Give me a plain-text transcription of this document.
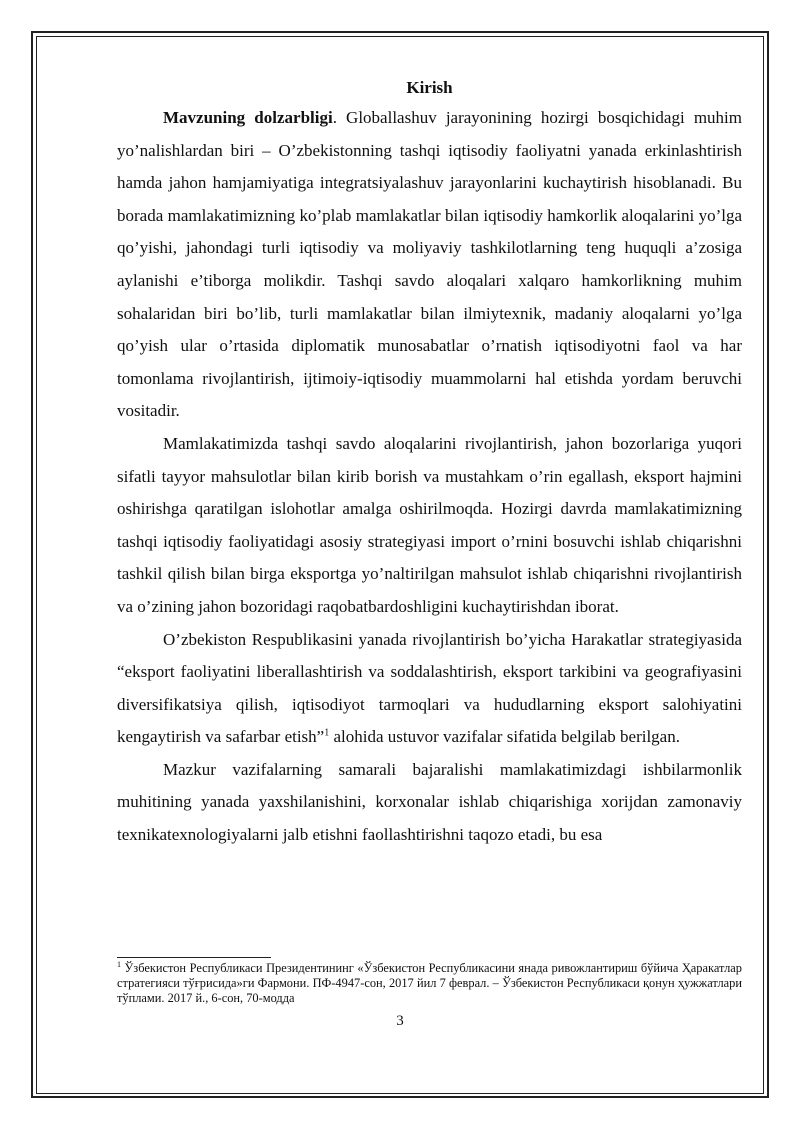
Kirish

Mavzuning dolzarbligi. Globallashuv jarayonining hozirgi bosqichidagi muhim yo’nalishlardan biri – O’zbekistonning tashqi iqtisodiy faoliyatni yanada erkinlashtirish hamda jahon hamjamiyatiga integratsiyalashuv jarayonlarini kuchaytirish hisoblanadi. Bu borada mamlakatimizning ko’plab mamlakatlar bilan iqtisodiy hamkorlik aloqalarini yo’lga qo’yishi, jahondagi turli iqtisodiy va moliyaviy tashkilotlarning teng huquqli a’zosiga aylanishi e’tiborga molikdir. Tashqi savdo aloqalari xalqaro hamkorlikning muhim sohalaridan biri bo’lib, turli mamlakatlar bilan ilmiytexnik, madaniy aloqalarni yo’lga qo’yish ular o’rtasida diplomatik munosabatlar o’rnatish iqtisodiyotni faol va har tomonlama rivojlantirish, ijtimoiy-iqtisodiy muammolarni hal etishda yordam beruvchi vositadir.

Mamlakatimizda tashqi savdo aloqalarini rivojlantirish, jahon bozorlariga yuqori sifatli tayyor mahsulotlar bilan kirib borish va mustahkam o’rin egallash, eksport hajmini oshirishga qaratilgan islohotlar amalga oshirilmoqda. Hozirgi davrda mamlakatimizning tashqi iqtisodiy faoliyatidagi asosiy strategiyasi import o’rnini bosuvchi ishlab chiqarishni tashkil qilish bilan birga eksportga yo’naltirilgan mahsulot ishlab chiqarishni rivojlantirish va o’zining jahon bozoridagi raqobatbardoshligini kuchaytirishdan iborat.

O’zbekiston Respublikasini yanada rivojlantirish bo’yicha Harakatlar strategiyasida “eksport faoliyatini liberallashtirish va soddalashtirish, eksport tarkibini va geografiyasini diversifikatsiya qilish, iqtisodiyot tarmoqlari va hududlarning eksport salohiyatini kengaytirish va safarbar etish”$^1$ alohida ustuvor vazifalar sifatida belgilab berilgan.

Mazkur vazifalarning samarali bajaralishi mamlakatimizdagi ishbilarmonlik muhitining yanada yaxshilanishini, korxonalar ishlab chiqarishiga xorijdan zamonaviy texnikatexnologiyalarni jalb etishni faollashtirishni taqozo etadi, bu esa

$^1$ Ўзбекистон Республикаси Президентининг «Ўзбекистон Республикасини янада ривожлантириш бўйича Ҳаракатлар стратегияси тўғрисида»ги Фармони. ПФ-4947-сон, 2017 йил 7 феврал. – Ўзбекистон Республикаси қонун ҳужжатлари тўплами. 2017 й., 6-сон, 70-модда
3
